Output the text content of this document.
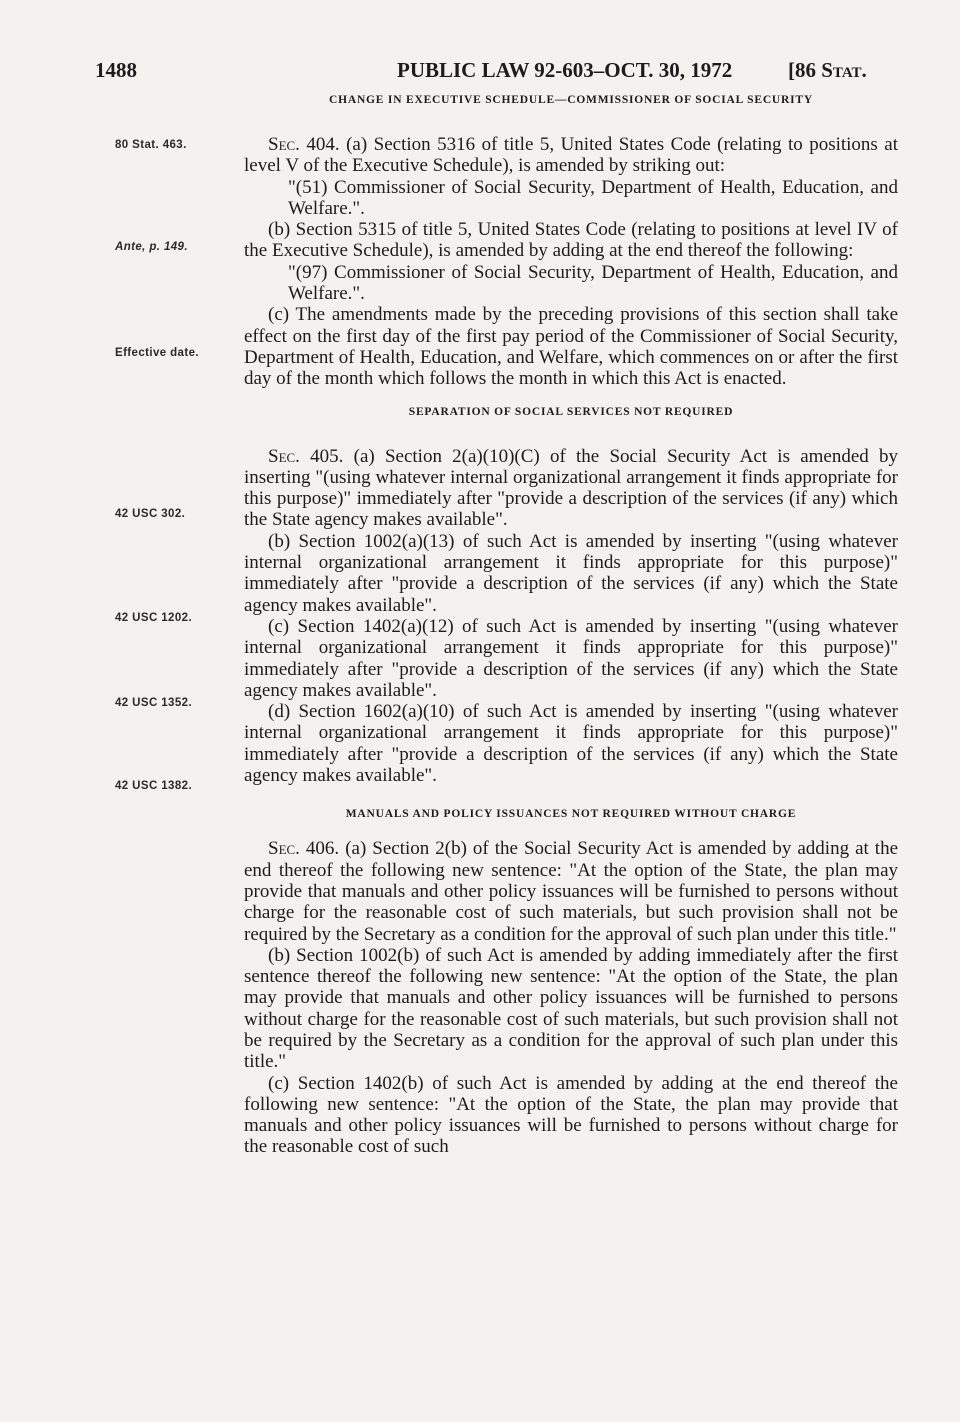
1488	PUBLIC LAW 92-603–OCT. 30, 1972	[86 Stat.
80 Stat. 463.
Ante, p. 149.
Effective date.
42 USC 302.
42 USC 1202.
42 USC 1352.
42 USC 1382.
CHANGE IN EXECUTIVE SCHEDULE—COMMISSIONER OF SOCIAL SECURITY

Sec. 404. (a) Section 5316 of title 5, United States Code (relating to positions at level V of the Executive Schedule), is amended by striking out:

"(51) Commissioner of Social Security, Department of Health, Education, and Welfare.".

(b) Section 5315 of title 5, United States Code (relating to positions at level IV of the Executive Schedule), is amended by adding at the end thereof the following:

"(97) Commissioner of Social Security, Department of Health, Education, and Welfare.".

(c) The amendments made by the preceding provisions of this section shall take effect on the first day of the first pay period of the Commissioner of Social Security, Department of Health, Education, and Welfare, which commences on or after the first day of the month which follows the month in which this Act is enacted.

SEPARATION OF SOCIAL SERVICES NOT REQUIRED

Sec. 405. (a) Section 2(a)(10)(C) of the Social Security Act is amended by inserting "(using whatever internal organizational arrangement it finds appropriate for this purpose)" immediately after "provide a description of the services (if any) which the State agency makes available".

(b) Section 1002(a)(13) of such Act is amended by inserting "(using whatever internal organizational arrangement it finds appropriate for this purpose)" immediately after "provide a description of the services (if any) which the State agency makes available".

(c) Section 1402(a)(12) of such Act is amended by inserting "(using whatever internal organizational arrangement it finds appropriate for this purpose)" immediately after "provide a description of the services (if any) which the State agency makes available".

(d) Section 1602(a)(10) of such Act is amended by inserting "(using whatever internal organizational arrangement it finds appropriate for this purpose)" immediately after "provide a description of the services (if any) which the State agency makes available".

MANUALS AND POLICY ISSUANCES NOT REQUIRED WITHOUT CHARGE

Sec. 406. (a) Section 2(b) of the Social Security Act is amended by adding at the end thereof the following new sentence: "At the option of the State, the plan may provide that manuals and other policy issuances will be furnished to persons without charge for the reasonable cost of such materials, but such provision shall not be required by the Secretary as a condition for the approval of such plan under this title."

(b) Section 1002(b) of such Act is amended by adding immediately after the first sentence thereof the following new sentence: "At the option of the State, the plan may provide that manuals and other policy issuances will be furnished to persons without charge for the reasonable cost of such materials, but such provision shall not be required by the Secretary as a condition for the approval of such plan under this title."

(c) Section 1402(b) of such Act is amended by adding at the end thereof the following new sentence: "At the option of the State, the plan may provide that manuals and other policy issuances will be furnished to persons without charge for the reasonable cost of such
